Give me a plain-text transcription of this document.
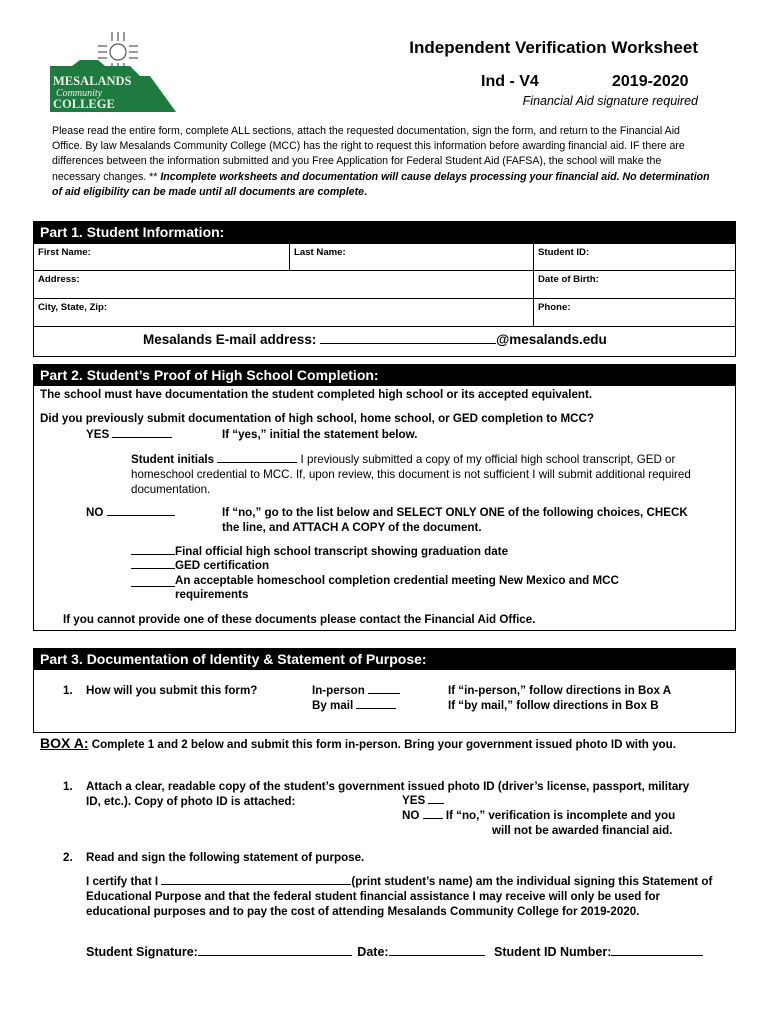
MESALANDS
Community
COLLEGE
Independent Verification Worksheet
Ind - V4	2019-2020
Financial Aid signature required
Please read the entire form, complete ALL sections, attach the requested documentation, sign the form, and return to the Financial Aid Office. By law Mesalands Community College (MCC) has the right to request this information before awarding financial aid. IF there are differences between the information submitted and you Free Application for Federal Student Aid (FAFSA), the school will make the necessary changes. ** Incomplete worksheets and documentation will cause delays processing your financial aid. No determination of aid eligibility can be made until all documents are complete.
Part 1. Student Information:
First Name:	Last Name:	Student ID:
Address:		Date of Birth:
City, State, Zip:		Phone:
Mesalands E-mail address: @mesalands.edu		
Part 2. Student’s Proof of High School Completion:
The school must have documentation the student completed high school or its accepted equivalent.
Did you previously submit documentation of high school, home school, or GED completion to MCC?
YES	If “yes,” initial the statement below.
Student initials	I previously submitted a copy of my official high school transcript, GED or homeschool credential to MCC. If, upon review, this document is not sufficient I will submit additional required documentation.
NO	If “no,” go to the list below and SELECT ONLY ONE of the following choices, CHECK the line, and ATTACH A COPY of the document.
Final official high school transcript showing graduation date
GED certification
An acceptable homeschool completion credential meeting New Mexico and MCC requirements
If you cannot provide one of these documents please contact the Financial Aid Office.
Part 3. Documentation of Identity & Statement of Purpose:
1. How will you submit this form?	In-person
By mail
If “in-person,” follow directions in Box A
If “by mail,” follow directions in Box B
BOX A: Complete 1 and 2 below and submit this form in-person. Bring your government issued photo ID with you.
1. Attach a clear, readable copy of the student’s government issued photo ID (driver’s license, passport, military ID, etc.). Copy of photo ID is attached:	YES
NO If “no,” verification is incomplete and you
will not be awarded financial aid.
2. Read and sign the following statement of purpose.
I certify that I	(print student’s name) am the individual signing this Statement of Educational Purpose and that the federal student financial assistance I may receive will only be used for educational purposes and to pay the cost of attending Mesalands Community College for 2019-2020.
Student Signature:	Date:	Student ID Number:
